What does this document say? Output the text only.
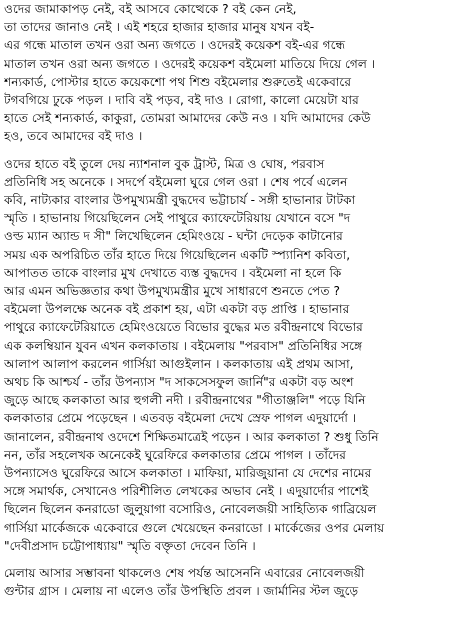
ওদের জামাকাপড় নেই, বই আসবে কোত্থেকে ? বই কেন নেই,
তা তাদের জানাও নেই । এই শহরে হাজার হাজার মানুষ যখন বই-
এর গন্ধে মাতাল তখন ওরা অন্য জগতে । ওদেরই কয়েকশ বই-এর গন্ধে
মাতাল তখন ওরা অন্য জগতে । ওদেরই কয়েকশ বইমেলা মাতিয়ে দিয়ে গেল ।
শন্যকার্ড, পোস্টার হাতে কয়েকশো পথ শিশু বইমেলার শুরুতেই একেবারে
টগবগিয়ে ঢুকে পড়ল । দাবি বই পড়ব, বই দাও । রোগা, কালো মেয়েটা যার
হাতে সেই শন্যকার্ড, কাকুরা, তোমরা আমাদের কেউ নও । যদি আমাদের কেউ
হও, তবে আমাদের বই দাও ।
ওদের হাতে বই তুলে দেয় ন্যাশনাল বুক ট্রাস্ট, মিত্র ও ঘোষ, পরবাস
প্রতিনিধি সহ অনেকে । সদর্পে বইমেলা ঘুরে গেল ওরা । শেষ পর্বে এলেন
কবি, নাট্যকার বাংলার উপমুখ্যমন্ত্রী বুদ্ধদেব ভট্টাচার্য - সঙ্গী হাভানার টাটকা
স্মৃতি । হাভানায় গিয়েছিলেন সেই পাথুরে ক্যাফেটেরিয়ায় যেখানে বসে "দ
ওল্ড ম্যান অ্যান্ড দ সী" লিখেছিলেন হেমিংওয়ে - ঘন্টা দেড়েক কাটানোর
সময় এক অপরিচিত তাঁর হাতে দিয়ে গিয়েছিলেন একটি স্প্যানিশ কবিতা,
আপাতত তাকে বাংলার মুখ দেখাতে ব্যস্ত বুদ্ধদেব । বইমেলা না হলে কি
আর এমন অভিজ্ঞতার কথা উপমুখ্যমন্ত্রীর মুখে সাধারণে শুনতে পেত ?
বইমেলা উপলক্ষে অনেক বই প্রকাশ হয়, এটা একটা বড় প্রাপ্তি । হাভানার
পাথুরে ক্যাফেটেরিয়াতে হেমিংওয়েতে বিভোর বুদ্ধের মত রবীন্দ্রনাথে বিভোর
এক কলম্বিয়ান যুবন এখন কলকাতায় । বইমেলায় "পরবাস" প্রতিনিধির সঙ্গে
আলাপ আলাপ করলেন গার্সিয়া আগুইলান । কলকাতায় এই প্রথম আসা,
অথচ কি আশ্চর্য - তাঁর উপন্যাস "দ সাকসেসফুল জার্নি"র একটা বড় অংশ
জুড়ে আছে কলকাতা আর হুগলী নদী । রবীন্দ্রনাথের "গীতাঞ্জলি" পড়ে যিনি
কলকাতার প্রেমে পড়েছেন । এতবড় বইমেলা দেখে স্রেফ পাগল এদুয়ার্দো ।
জানালেন, রবীন্দ্রনাথ ওদেশে শিক্ষিতমাত্রেই পড়েন । আর কলকাতা ? শুধু তিনি
নন, তাঁর সহলেখক অনেকেই ঘুরেফিরে কলকাতার প্রেমে পাগল । তাঁদের
উপন্যাসেও ঘুরেফিরে আসে কলকাতা । মাফিয়া, মারিজুয়ানা যে দেশের নামের
সঙ্গে সমার্থক, সেখানেও পরিশীলিত লেখকের অভাব নেই । এদুয়ার্দোর পাশেই
ছিলেন ছিলেন কনরাডো জুলুয়াগা বসোরিও, নোবেলজয়ী সাহিত্যিক গাব্রিয়েল
গার্সিয়া মার্কেজকে একেবারে গুলে খেয়েছেন কনরাডো । মার্কেজের ওপর মেলায়
"দেবীপ্রসাদ চট্টোপাধ্যায়" স্মৃতি বক্তৃতা দেবেন তিনি ।
মেলায় আসার সম্ভাবনা থাকলেও শেষ পর্যন্ত আসেননি এবারের নোবেলজয়ী
গুন্টার গ্রাস । মেলায় না এলেও তাঁর উপস্থিতি প্রবল । জার্মানির স্টল জুড়ে
